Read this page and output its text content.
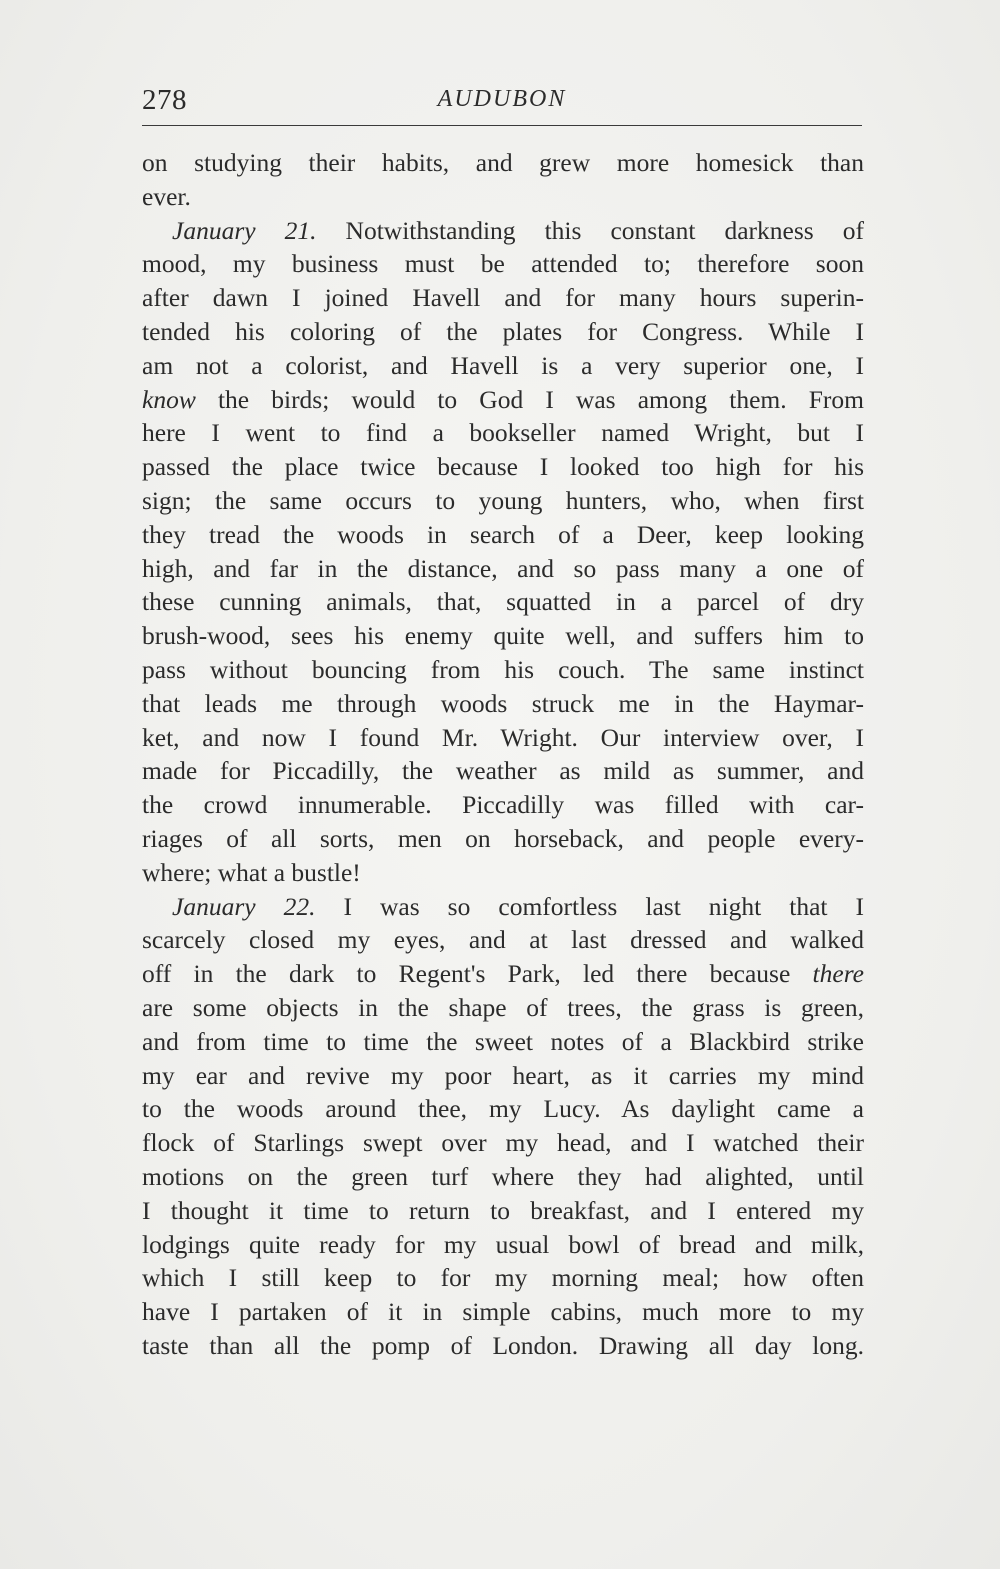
278	AUDUBON
on studying their habits, and grew more homesick than
ever.
January 21. Notwithstanding this constant darkness of
mood, my business must be attended to; therefore soon
after dawn I joined Havell and for many hours superin-
tended his coloring of the plates for Congress. While I
am not a colorist, and Havell is a very superior one, I
know the birds; would to God I was among them. From
here I went to find a bookseller named Wright, but I
passed the place twice because I looked too high for his
sign; the same occurs to young hunters, who, when first
they tread the woods in search of a Deer, keep looking
high, and far in the distance, and so pass many a one of
these cunning animals, that, squatted in a parcel of dry
brush-wood, sees his enemy quite well, and suffers him to
pass without bouncing from his couch. The same instinct
that leads me through woods struck me in the Haymar-
ket, and now I found Mr. Wright. Our interview over, I
made for Piccadilly, the weather as mild as summer, and
the crowd innumerable. Piccadilly was filled with car-
riages of all sorts, men on horseback, and people every-
where; what a bustle!
January 22. I was so comfortless last night that I
scarcely closed my eyes, and at last dressed and walked
off in the dark to Regent's Park, led there because there
are some objects in the shape of trees, the grass is green,
and from time to time the sweet notes of a Blackbird strike
my ear and revive my poor heart, as it carries my mind
to the woods around thee, my Lucy. As daylight came a
flock of Starlings swept over my head, and I watched their
motions on the green turf where they had alighted, until
I thought it time to return to breakfast, and I entered my
lodgings quite ready for my usual bowl of bread and milk,
which I still keep to for my morning meal; how often
have I partaken of it in simple cabins, much more to my
taste than all the pomp of London. Drawing all day long.
